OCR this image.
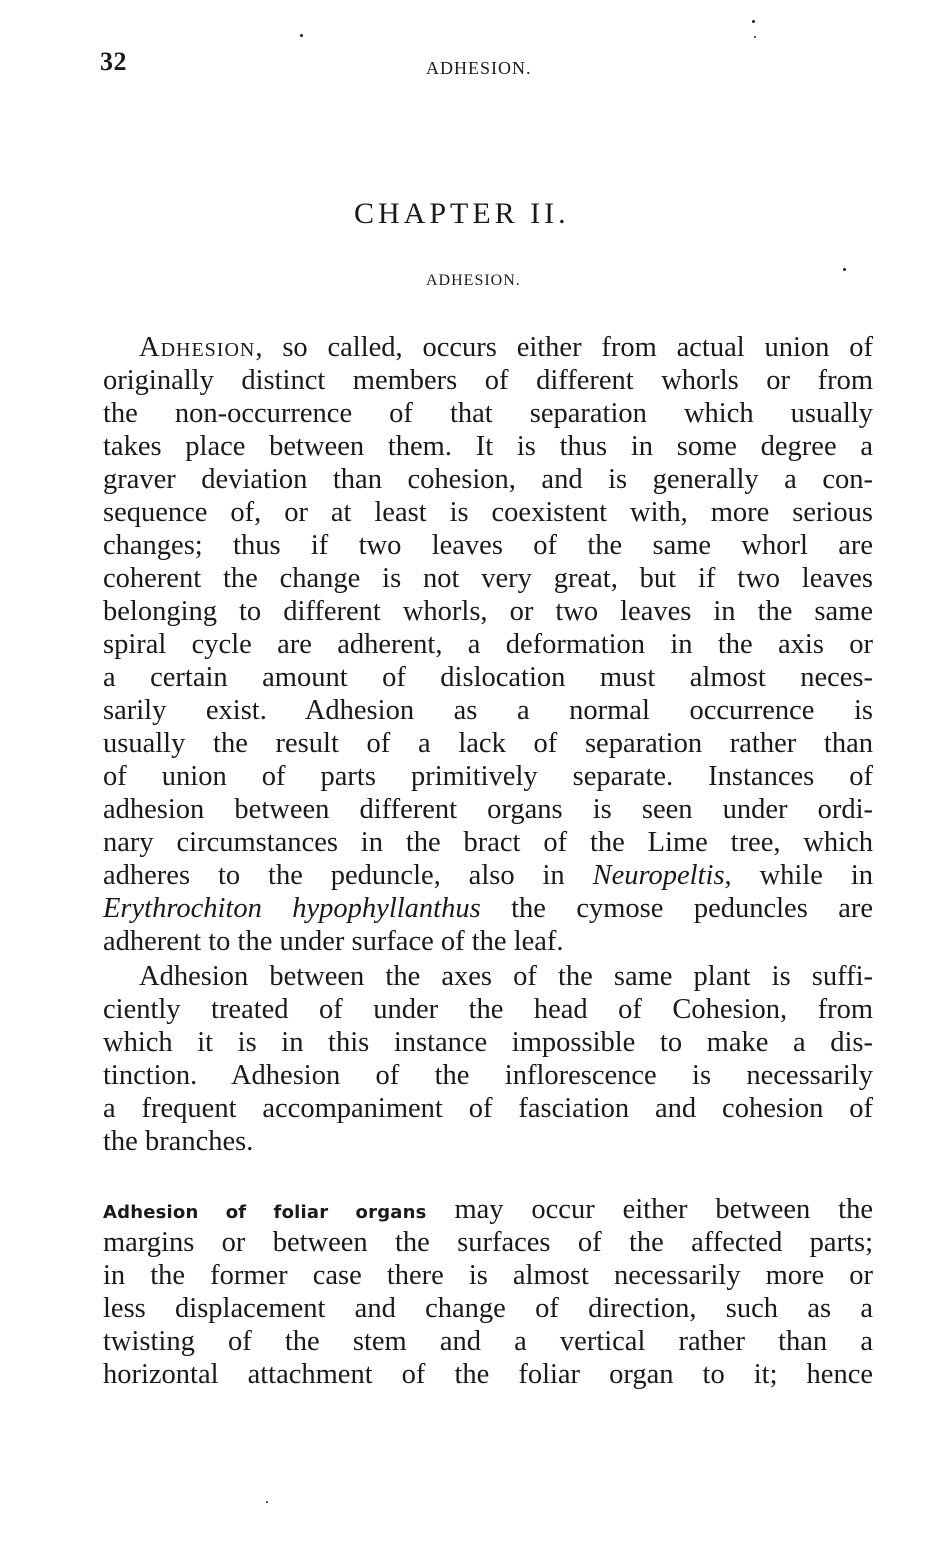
32	ADHESION.
CHAPTER II.
ADHESION.
Adhesion, so called, occurs either from actual union of
originally distinct members of different whorls or from
the non-occurrence of that separation which usually
takes place between them. It is thus in some degree a
graver deviation than cohesion, and is generally a con-
sequence of, or at least is coexistent with, more serious
changes; thus if two leaves of the same whorl are
coherent the change is not very great, but if two leaves
belonging to different whorls, or two leaves in the same
spiral cycle are adherent, a deformation in the axis or
a certain amount of dislocation must almost neces-
sarily exist. Adhesion as a normal occurrence is
usually the result of a lack of separation rather than
of union of parts primitively separate. Instances of
adhesion between different organs is seen under ordi-
nary circumstances in the bract of the Lime tree, which
adheres to the peduncle, also in Neuropeltis, while in
Erythrochiton hypophyllanthus the cymose peduncles are
adherent to the under surface of the leaf.
Adhesion between the axes of the same plant is suffi-
ciently treated of under the head of Cohesion, from
which it is in this instance impossible to make a dis-
tinction. Adhesion of the inflorescence is necessarily
a frequent accompaniment of fasciation and cohesion of
the branches.
Adhesion of foliar organs may occur either between the
margins or between the surfaces of the affected parts;
in the former case there is almost necessarily more or
less displacement and change of direction, such as a
twisting of the stem and a vertical rather than a
horizontal attachment of the foliar organ to it; hence
